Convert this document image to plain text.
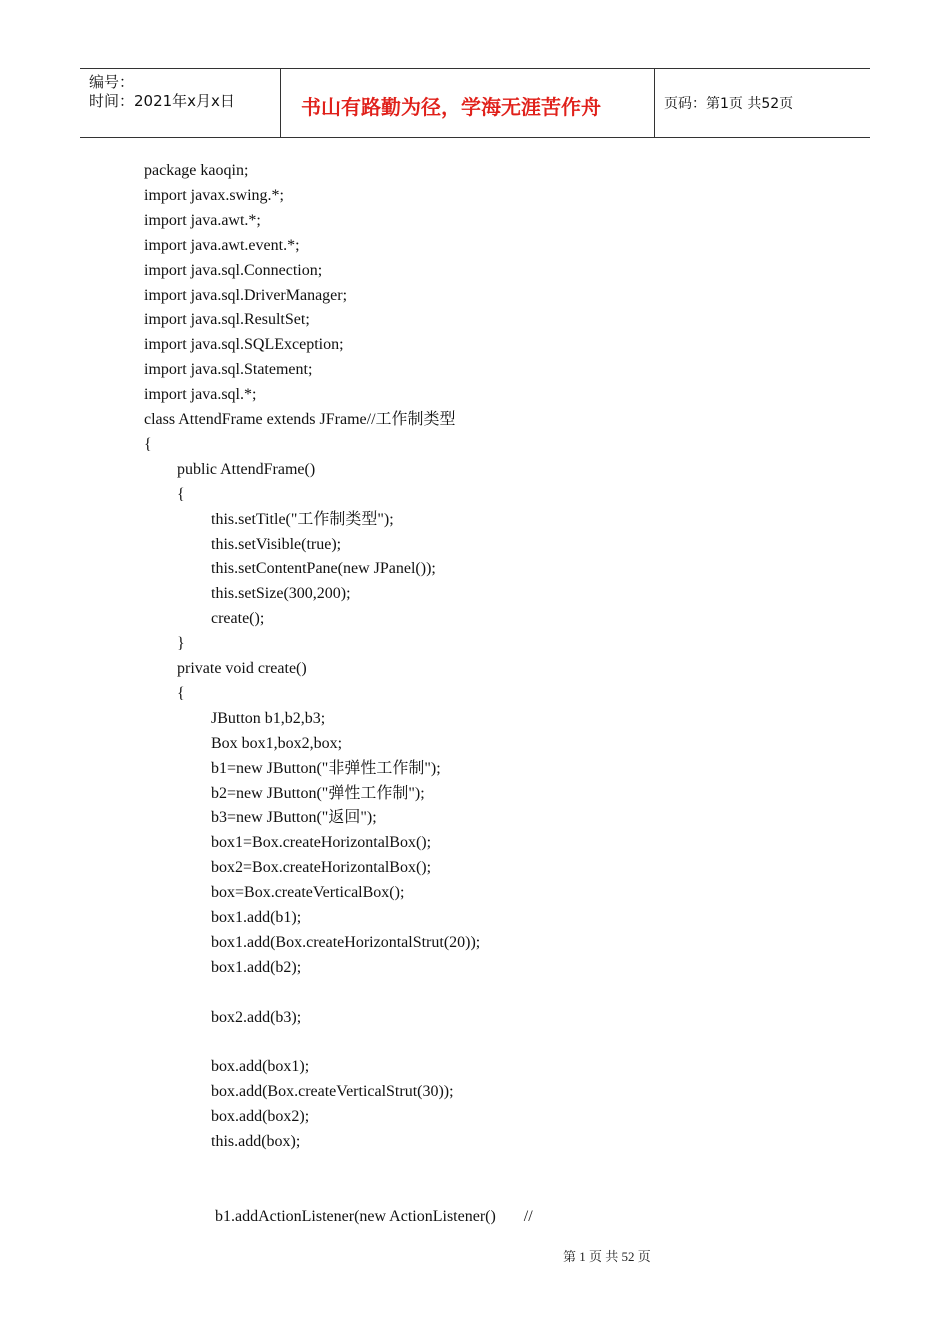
编号：
时间：2021年x月x日	书山有路勤为径，学海无涯苦作舟	页码：第1页 共52页
package kaoqin;
import javax.swing.*;
import java.awt.*;
import java.awt.event.*;
import java.sql.Connection;
import java.sql.DriverManager;
import java.sql.ResultSet;
import java.sql.SQLException;
import java.sql.Statement;
import java.sql.*;
class AttendFrame extends JFrame//工作制类型
{
public AttendFrame()
{
this.setTitle("工作制类型");
this.setVisible(true);
this.setContentPane(new JPanel());
this.setSize(300,200);
create();
}
private void create()
{
JButton b1,b2,b3;
Box box1,box2,box;
b1=new JButton("非弹性工作制");
b2=new JButton("弹性工作制");
b3=new JButton("返回");
box1=Box.createHorizontalBox();
box2=Box.createHorizontalBox();
box=Box.createVerticalBox();
box1.add(b1);
box1.add(Box.createHorizontalStrut(20));
box1.add(b2);
box2.add(b3);
box.add(box1);
box.add(Box.createVerticalStrut(30));
box.add(box2);
this.add(box);
b1.addActionListener(new ActionListener()       //
第 1 页 共 52 页
